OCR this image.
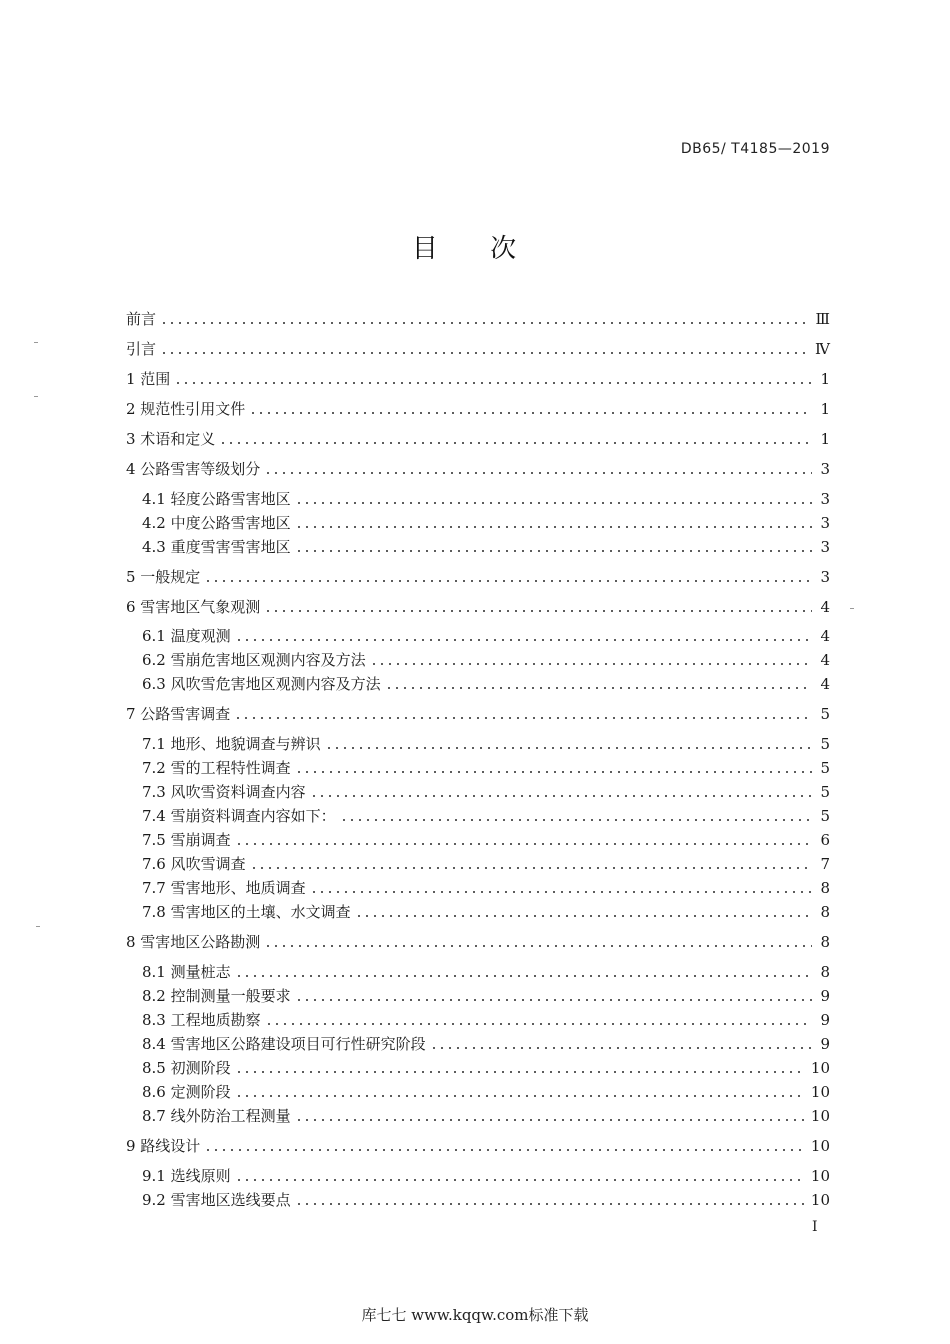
DB65/ T4185—2019
目 次
前言	Ⅲ
引言	Ⅳ
1 范围	1
2 规范性引用文件	1
3 术语和定义	1
4 公路雪害等级划分	3
4.1 轻度公路雪害地区	3
4.2 中度公路雪害地区	3
4.3 重度雪害雪害地区	3
5 一般规定	3
6 雪害地区气象观测	4
6.1 温度观测	4
6.2 雪崩危害地区观测内容及方法	4
6.3 风吹雪危害地区观测内容及方法	4
7 公路雪害调查	5
7.1 地形、地貌调查与辨识	5
7.2 雪的工程特性调查	5
7.3 风吹雪资料调查内容	5
7.4 雪崩资料调查内容如下：	5
7.5 雪崩调查	6
7.6 风吹雪调查	7
7.7 雪害地形、地质调查	8
7.8 雪害地区的土壤、水文调查	8
8 雪害地区公路勘测	8
8.1 测量桩志	8
8.2 控制测量一般要求	9
8.3 工程地质勘察	9
8.4 雪害地区公路建设项目可行性研究阶段	9
8.5 初测阶段	10
8.6 定测阶段	10
8.7 线外防治工程测量	10
9 路线设计	10
9.1 选线原则	10
9.2 雪害地区选线要点	10
I
库七七 www.kqqw.com标准下载
